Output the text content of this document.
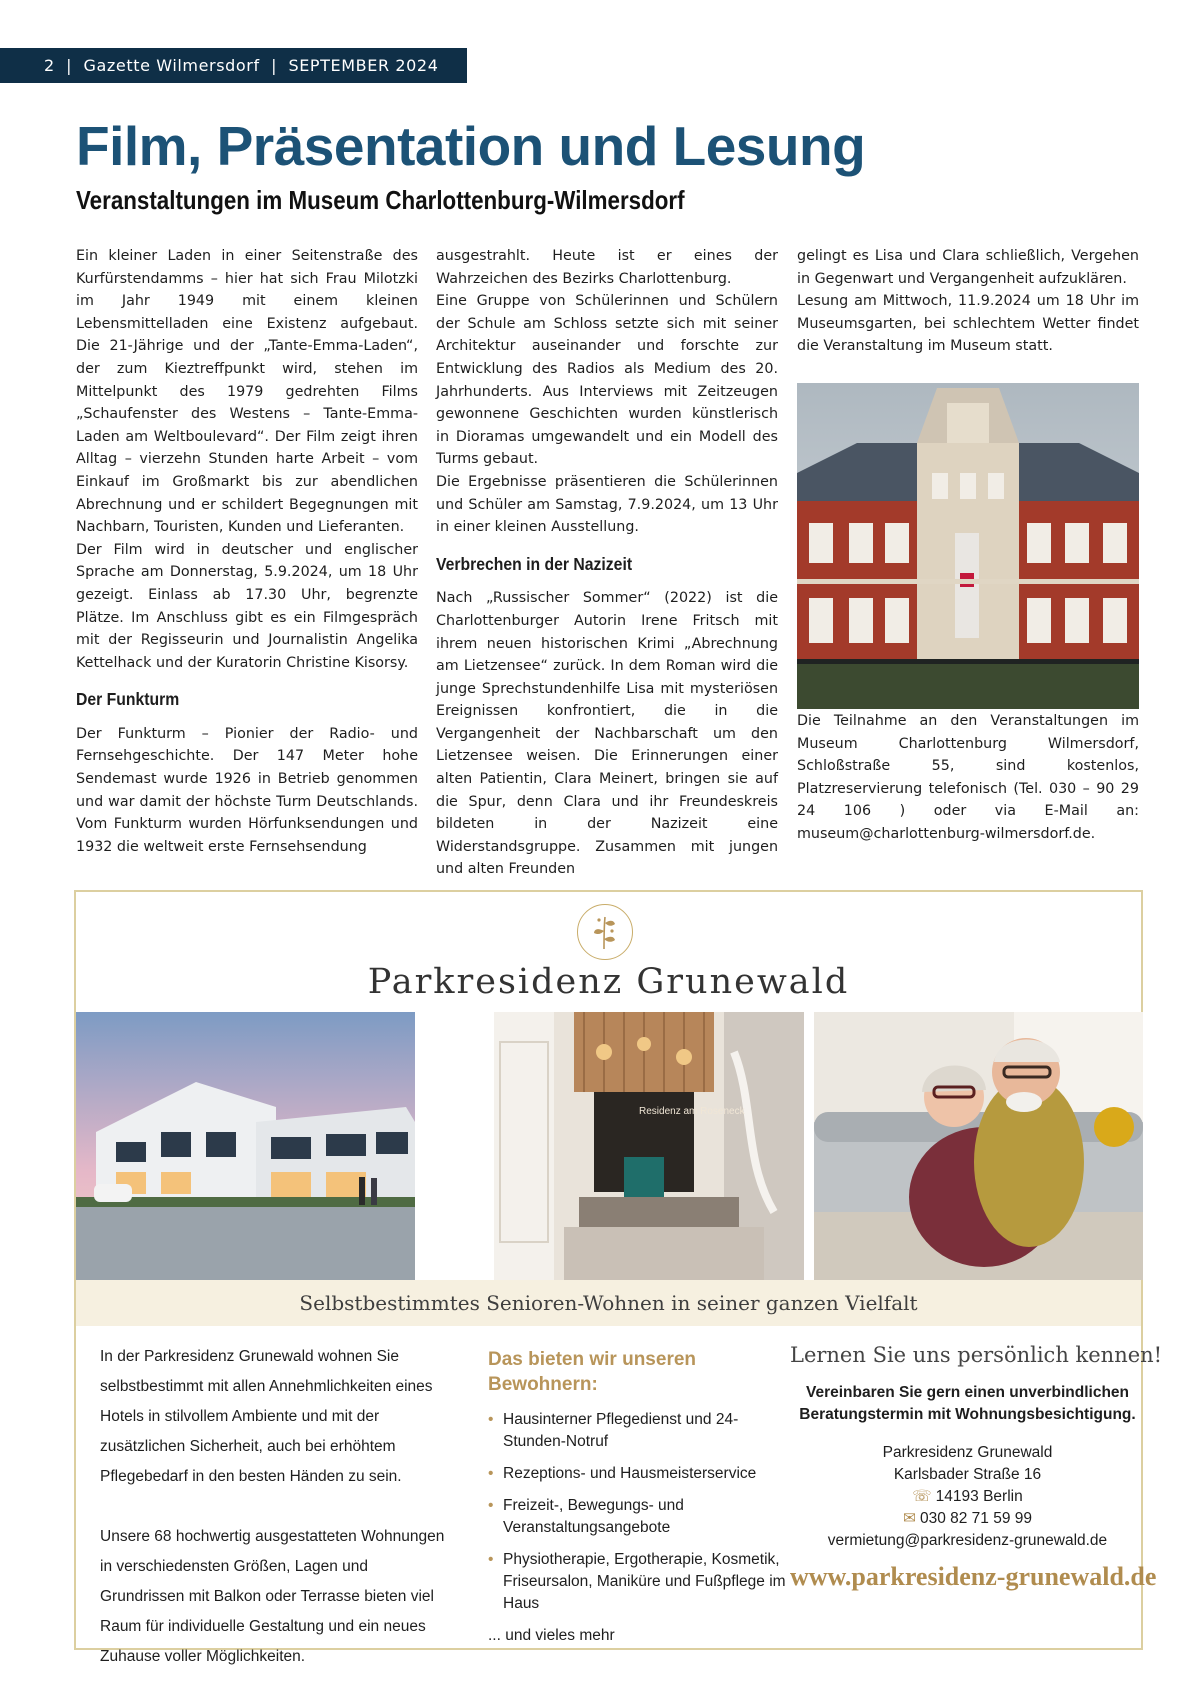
2  |  Gazette Wilmersdorf  |  SEPTEMBER 2024
Film, Präsentation und Lesung
Veranstaltungen im Museum Charlottenburg-Wilmersdorf

Ein kleiner Laden in einer Seitenstraße des Kurfürstendamms – hier hat sich Frau Milotzki im Jahr 1949 mit einem kleinen Lebensmittelladen eine Existenz aufgebaut. Die 21-Jährige und der „Tante-Emma-Laden“, der zum Kieztreffpunkt wird, stehen im Mittelpunkt des 1979 gedrehten Films „Schaufenster des Westens – Tante-Emma-Laden am Weltboulevard“. Der Film zeigt ihren Alltag – vierzehn Stunden harte Arbeit – vom Einkauf im Großmarkt bis zur abendlichen Abrechnung und er schildert Begegnungen mit Nachbarn, Touristen, Kunden und Lieferanten.

Der Film wird in deutscher und englischer Sprache am Donnerstag, 5.9.2024, um 18 Uhr gezeigt. Einlass ab 17.30 Uhr, begrenzte Plätze. Im Anschluss gibt es ein Filmgespräch mit der Regisseurin und Journalistin Angelika Kettelhack und der Kuratorin Christine Kisorsy.

Der Funkturm

Der Funkturm – Pionier der Radio- und Fernsehgeschichte. Der 147 Meter hohe Sendemast wurde 1926 in Betrieb genommen und war damit der höchste Turm Deutschlands. Vom Funkturm wurden Hörfunksendungen und 1932 die weltweit erste Fernsehsendung

ausgestrahlt. Heute ist er eines der Wahrzeichen des Bezirks Charlottenburg.

Eine Gruppe von Schülerinnen und Schülern der Schule am Schloss setzte sich mit seiner Architektur auseinander und forschte zur Entwicklung des Radios als Medium des 20. Jahrhunderts. Aus Interviews mit Zeitzeugen gewonnene Geschichten wurden künstlerisch in Dioramas umgewandelt und ein Modell des Turms gebaut.

Die Ergebnisse präsentieren die Schülerinnen und Schüler am Samstag, 7.9.2024, um 13 Uhr in einer kleinen Ausstellung.

Verbrechen in der Nazizeit

Nach „Russischer Sommer“ (2022) ist die Charlottenburger Autorin Irene Fritsch mit ihrem neuen historischen Krimi „Abrechnung am Lietzensee“ zurück. In dem Roman wird die junge Sprechstundenhilfe Lisa mit mysteriösen Ereignissen konfrontiert, die in die Vergangenheit der Nachbarschaft um den Lietzensee weisen. Die Erinnerungen einer alten Patientin, Clara Meinert, bringen sie auf die Spur, denn Clara und ihr Freundeskreis bildeten in der Nazizeit eine Widerstandsgruppe. Zusammen mit jungen und alten Freunden

gelingt es Lisa und Clara schließlich, Vergehen in Gegenwart und Vergangenheit aufzuklären.

Lesung am Mittwoch, 11.9.2024 um 18 Uhr im Museumsgarten, bei schlechtem Wetter findet die Veranstaltung im Museum statt.

Die Teilnahme an den Veranstaltungen im Museum Charlottenburg Wilmersdorf, Schloßstraße 55, sind kostenlos, Platzreservierung telefonisch (Tel. 030 – 90 29 24 106 ) oder via E-Mail an: museum@charlottenburg-wilmersdorf.de.

Parkresidenz Grunewald
Residenz am Roseneck
Selbstbestimmtes Senioren-Wohnen in seiner ganzen Vielfalt

In der Parkresidenz Grunewald wohnen Sie selbstbestimmt mit allen Annehmlichkeiten eines Hotels in stilvollem Ambiente und mit der zusätzlichen Sicherheit, auch bei erhöhtem Pflegebedarf in den besten Händen zu sein.

Unsere 68 hochwertig ausgestatteten Wohnungen in verschiedensten Größen, Lagen und Grundrissen mit Balkon oder Terrasse bieten viel Raum für individuelle Gestaltung und ein neues Zuhause voller Möglichkeiten.

Das bieten wir unseren Bewohnern:
• Hausinterner Pflegedienst und 24-Stunden-Notruf
• Rezeptions- und Hausmeisterservice
• Freizeit-, Bewegungs- und Veranstaltungsangebote
• Physiotherapie, Ergotherapie, Kosmetik, Friseursalon, Maniküre und Fußpflege im Haus
... und vieles mehr
Lernen Sie uns persönlich kennen!
Vereinbaren Sie gern einen unverbindlichen Beratungstermin mit Wohnungsbesichtigung.
Parkresidenz Grunewald
Karlsbader Straße 16
☏ 14193 Berlin
✉ 030 82 71 59 99
vermietung@parkresidenz-grunewald.de
www.parkresidenz-grunewald.de
